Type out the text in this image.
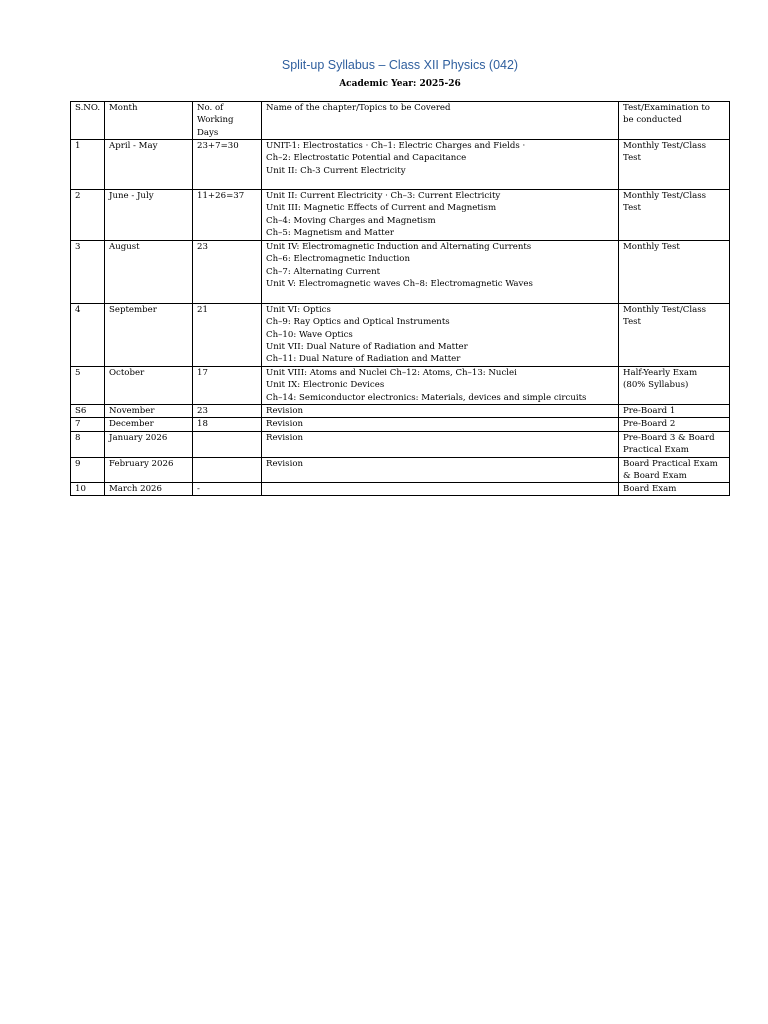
Split-up Syllabus – Class XII Physics (042)
Academic Year: 2025-26
S.NO.	Month	No. of
Working
Days	Name of the chapter/Topics to be Covered	Test/Examination to
be conducted
1	April - May	23+7=30	UNIT-1: Electrostatics · Ch–1: Electric Charges and Fields ·
Ch–2: Electrostatic Potential and Capacitance
Unit II: Ch-3 Current Electricity	Monthly Test/Class
Test
2	June - July	11+26=37	Unit II: Current Electricity · Ch–3: Current Electricity
Unit III: Magnetic Effects of Current and Magnetism
Ch–4: Moving Charges and Magnetism
Ch–5: Magnetism and Matter	Monthly Test/Class
Test
3	August	23	Unit IV: Electromagnetic Induction and Alternating Currents
Ch–6: Electromagnetic Induction
Ch–7: Alternating Current
Unit V: Electromagnetic waves Ch–8: Electromagnetic Waves	Monthly Test
4	September	21	Unit VI: Optics
Ch–9: Ray Optics and Optical Instruments
Ch–10: Wave Optics
Unit VII: Dual Nature of Radiation and Matter
Ch–11: Dual Nature of Radiation and Matter	Monthly Test/Class
Test
5	October	17	Unit VIII: Atoms and Nuclei Ch–12: Atoms, Ch–13: Nuclei
Unit IX: Electronic Devices
Ch–14: Semiconductor electronics: Materials, devices and simple circuits	Half-Yearly Exam
(80% Syllabus)
S6	November	23	Revision	Pre-Board 1
7	December	18	Revision	Pre-Board 2
8	January 2026		Revision	Pre-Board 3 & Board
Practical Exam
9	February 2026		Revision	Board Practical Exam
& Board Exam
10	March 2026	-		Board Exam
